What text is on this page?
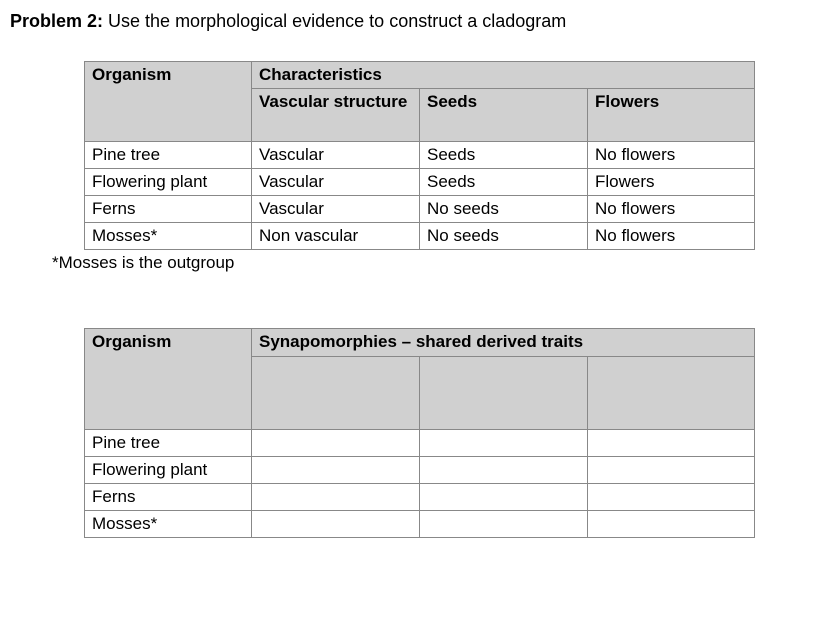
Problem 2: Use the morphological evidence to construct a cladogram
Organism	Characteristics		
	Vascular structure	Seeds	Flowers
Pine tree	Vascular	Seeds	No flowers
Flowering plant	Vascular	Seeds	Flowers
Ferns	Vascular	No seeds	No flowers
Mosses*	Non vascular	No seeds	No flowers
*Mosses is the outgroup
Organism	Synapomorphies – shared derived traits		

Pine tree			
Flowering plant			
Ferns			
Mosses*			
